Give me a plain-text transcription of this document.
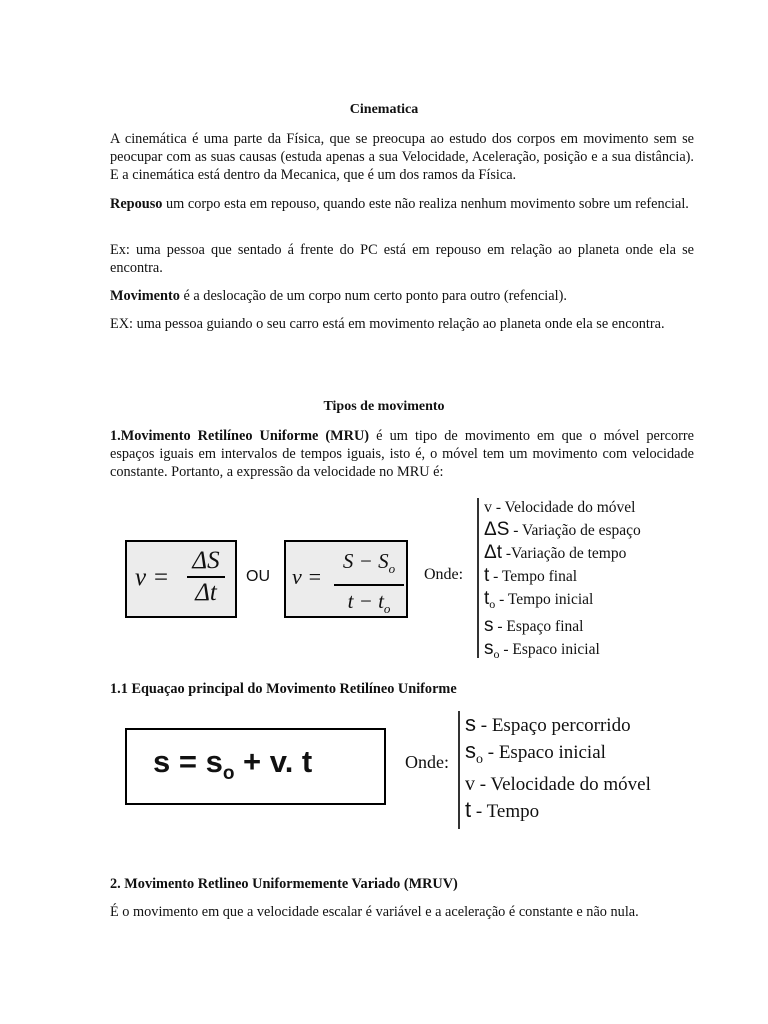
Cinematica
A cinemática é uma parte da Física, que se preocupa ao estudo dos corpos em movimento sem se peocupar com as suas causas (estuda apenas a sua Velocidade, Aceleração, posição e a sua distância). E a cinemática está dentro da Mecanica, que é um dos ramos da Física.
Repouso um corpo esta em repouso, quando este não realiza nenhum movimento sobre um refencial.
Ex: uma pessoa que sentado á frente do PC está em repouso em relação ao planeta onde ela se encontra.
Movimento é a deslocação de um corpo num certo ponto para outro (refencial).
EX: uma pessoa guiando o seu carro está em movimento relação ao planeta onde ela se encontra.
Tipos de movimento
1.Movimento Retilíneo Uniforme (MRU) é um tipo de movimento em que o móvel percorre espaços iguais em intervalos de tempos iguais, isto é, o móvel tem um movimento com velocidade constante. Portanto, a expressão da velocidade no MRU é:
v =
ΔS
Δt
OU v =
$S - S_o$
$t - t_o$
Onde:
v - Velocidade do móvel
ΔS - Variação de espaço
Δt -Variação de tempo
t - Tempo final
$t_o$ - Tempo inicial
s - Espaço final
$s_o$ - Espaco inicial
1.1 Equaçao principal do Movimento Retilíneo Uniforme
$s = s_o + v$. t	Onde:
s - Espaço percorrido
$s_o$ - Espaco inicial
v - Velocidade do móvel
t - Tempo
2. Movimento Retlineo Uniformemente Variado (MRUV)
É o movimento em que a velocidade escalar é variável e a aceleração é constante e não nula.
